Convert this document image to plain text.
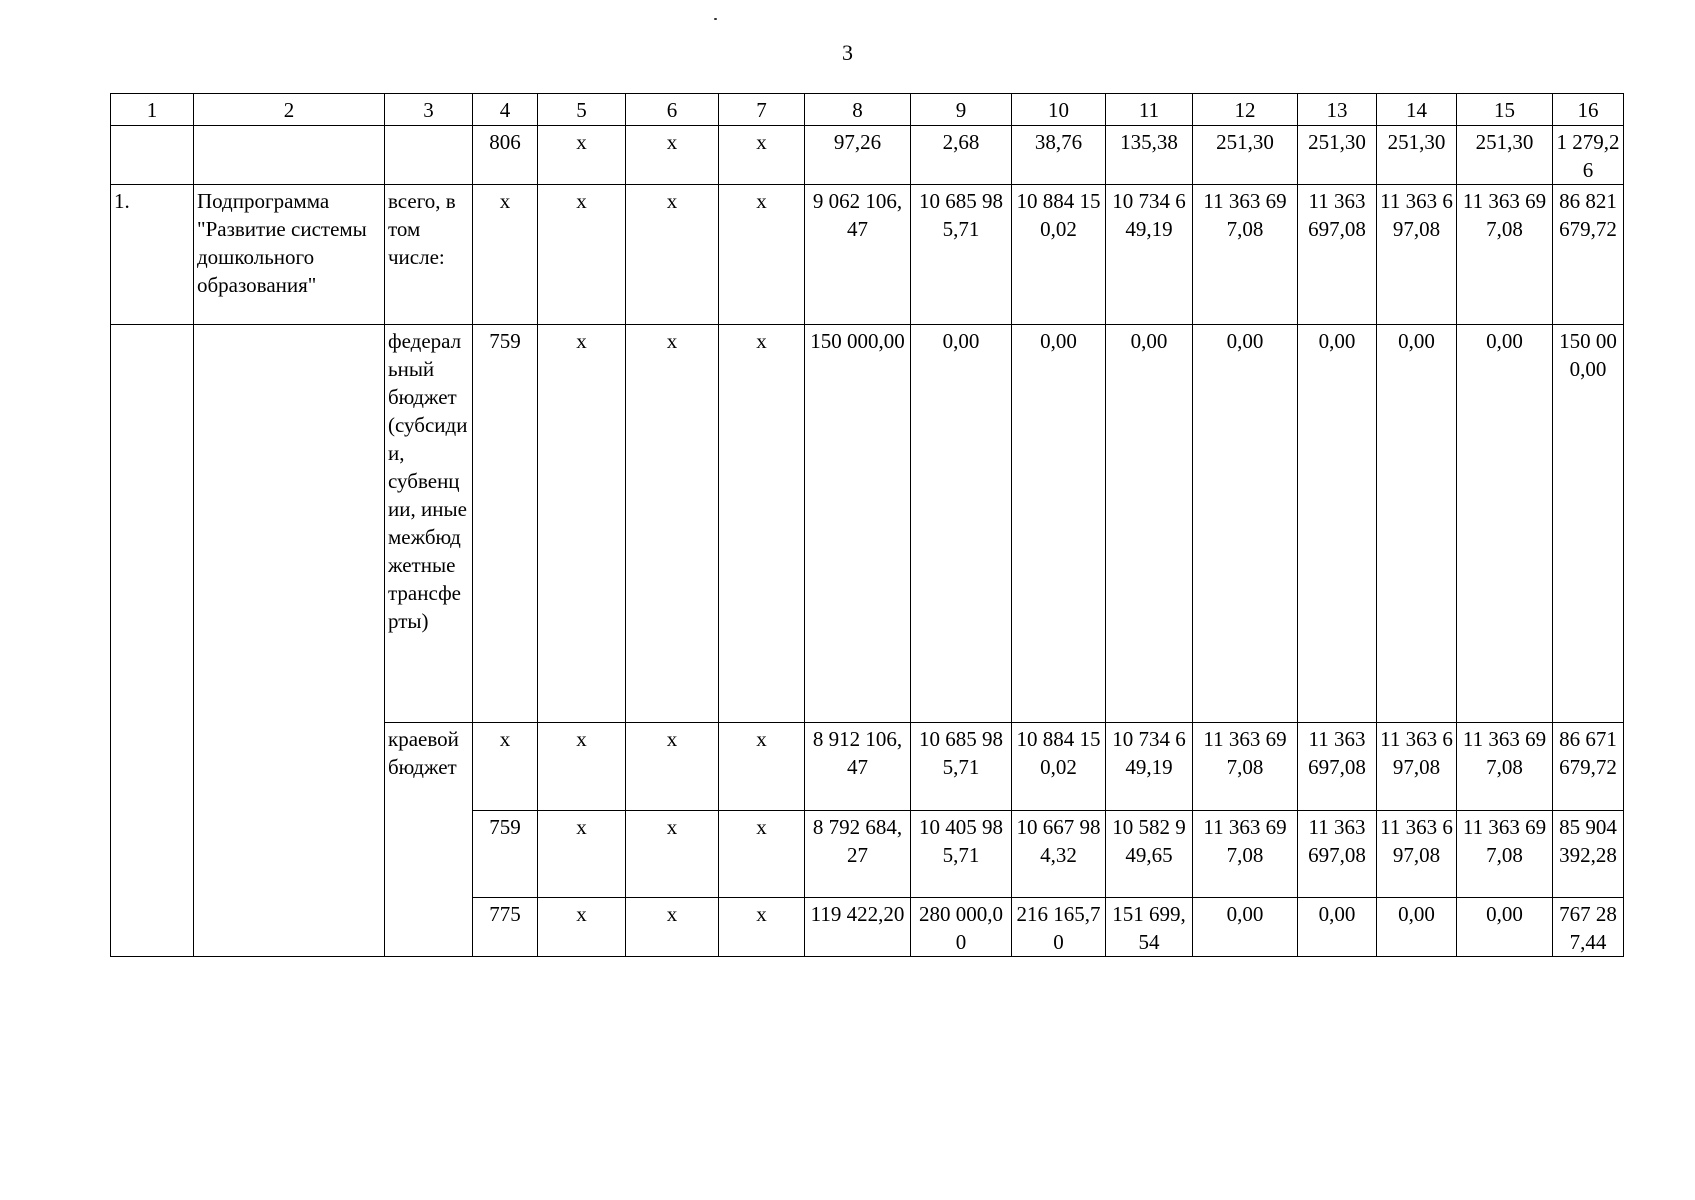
3
1	2	3	4	5	6	7	8	9	10	11	12	13	14	15	16
			806	x	x	x	97,26	2,68	38,76	135,38	251,30	251,30	251,30	251,30	1 279,26
1.	Подпрограмма "Развитие системы дошкольного образования"	всего, в том числе:	x	x	x	x	9 062 106,47	10 685 985,71	10 884 150,02	10 734 649,19	11 363 697,08	11 363 697,08	11 363 697,08	11 363 697,08	86 821 679,72
		федеральный бюджет (субсидии, субвенции, иные межбюджетные трансферты)	759	x	x	x	150 000,00	0,00	0,00	0,00	0,00	0,00	0,00	0,00	150 000,00
		краевой бюджет	x	x	x	x	8 912 106,47	10 685 985,71	10 884 150,02	10 734 649,19	11 363 697,08	11 363 697,08	11 363 697,08	11 363 697,08	86 671 679,72
			759	x	x	x	8 792 684,27	10 405 985,71	10 667 984,32	10 582 949,65	11 363 697,08	11 363 697,08	11 363 697,08	11 363 697,08	85 904 392,28
			775	x	x	x	119 422,20	280 000,00	216 165,70	151 699,54	0,00	0,00	0,00	0,00	767 287,44
